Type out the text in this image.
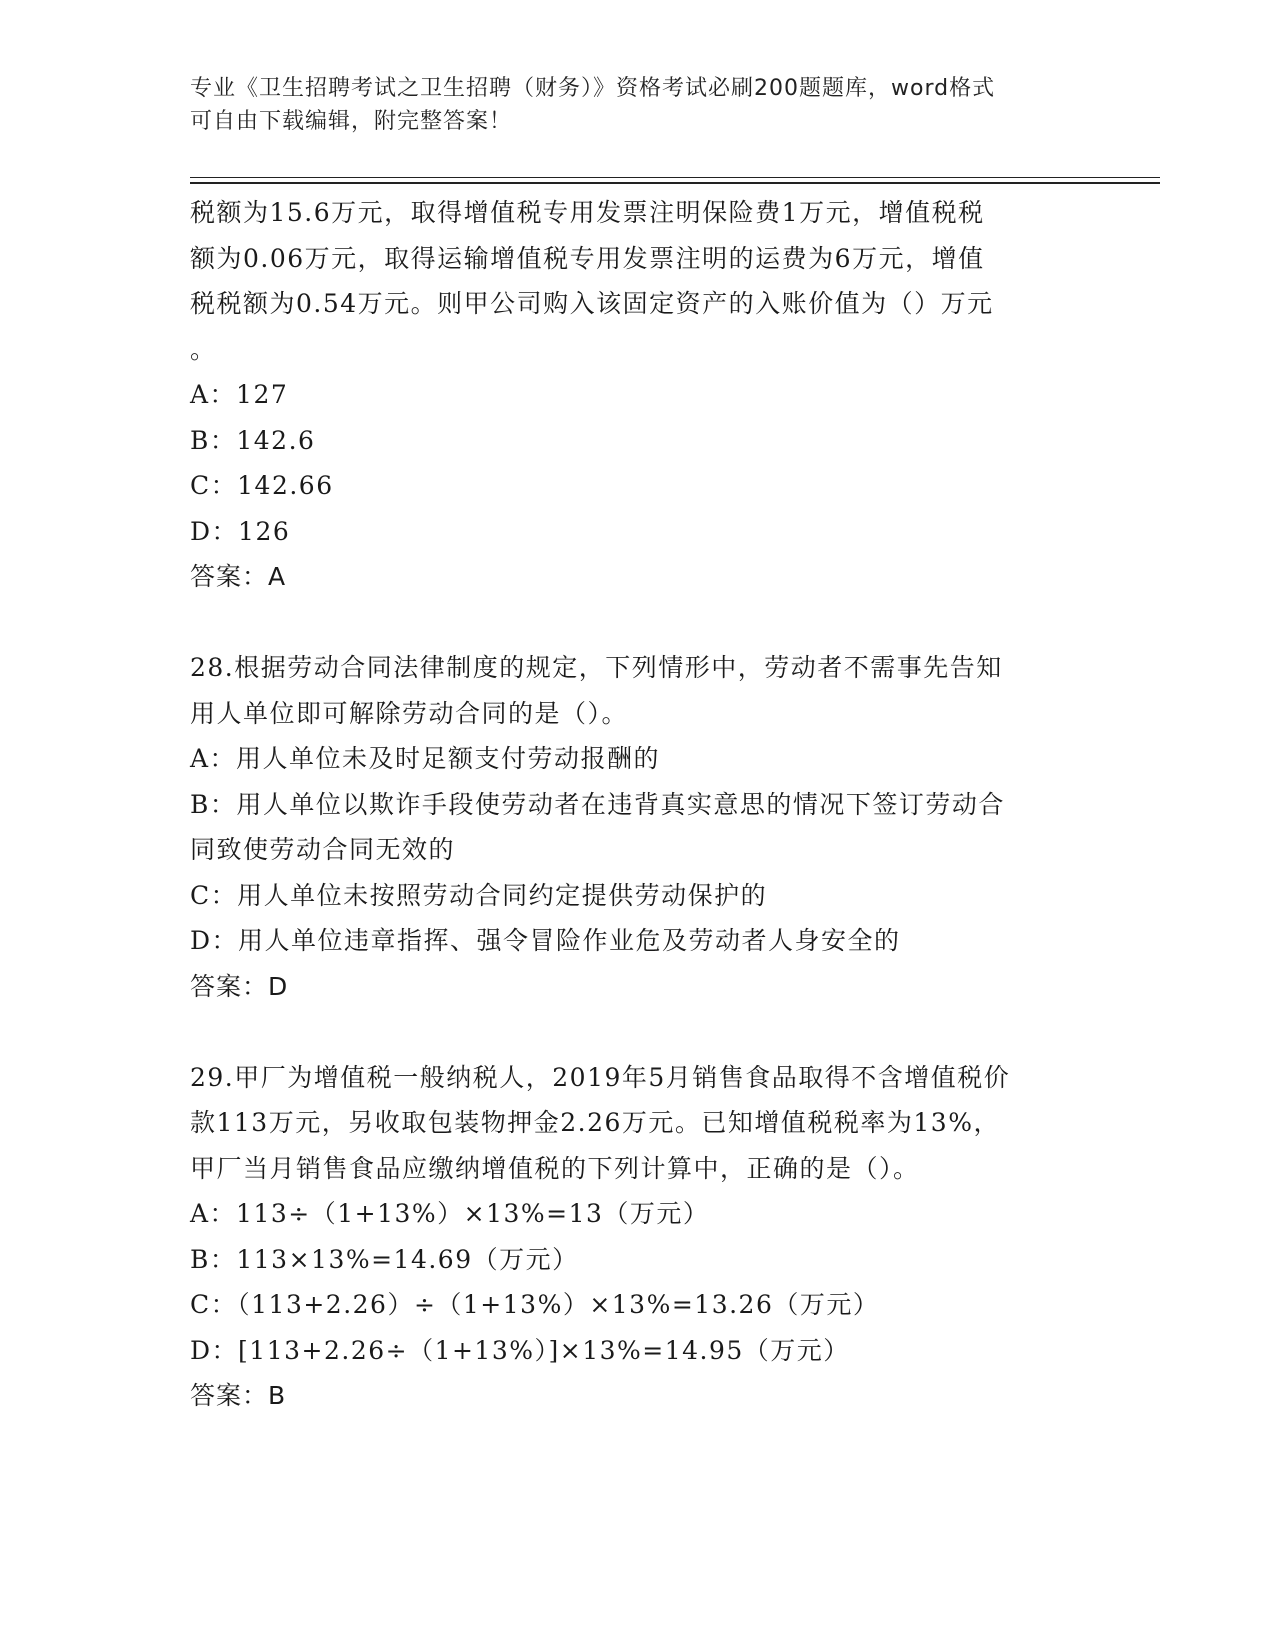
专业《卫生招聘考试之卫生招聘（财务）》资格考试必刷200题题库，word格式
可自由下载编辑，附完整答案！
税额为15.6万元，取得增值税专用发票注明保险费1万元，增值税税
额为0.06万元，取得运输增值税专用发票注明的运费为6万元，增值
税税额为0.54万元。则甲公司购入该固定资产的入账价值为（）万元
。
A：127
B：142.6
C：142.66
D：126
答案：A
28.根据劳动合同法律制度的规定，下列情形中，劳动者不需事先告知
用人单位即可解除劳动合同的是（）。
A：用人单位未及时足额支付劳动报酬的
B：用人单位以欺诈手段使劳动者在违背真实意思的情况下签订劳动合
同致使劳动合同无效的
C：用人单位未按照劳动合同约定提供劳动保护的
D：用人单位违章指挥、强令冒险作业危及劳动者人身安全的
答案：D
29.甲厂为增值税一般纳税人，2019年5月销售食品取得不含增值税价
款113万元，另收取包装物押金2.26万元。已知增值税税率为13%，
甲厂当月销售食品应缴纳增值税的下列计算中，正确的是（）。
A：113÷（1+13%）×13%=13（万元）
B：113×13%=14.69（万元）
C：（113+2.26）÷（1+13%）×13%=13.26（万元）
D：[113+2.26÷（1+13%）]×13%=14.95（万元）
答案：B
